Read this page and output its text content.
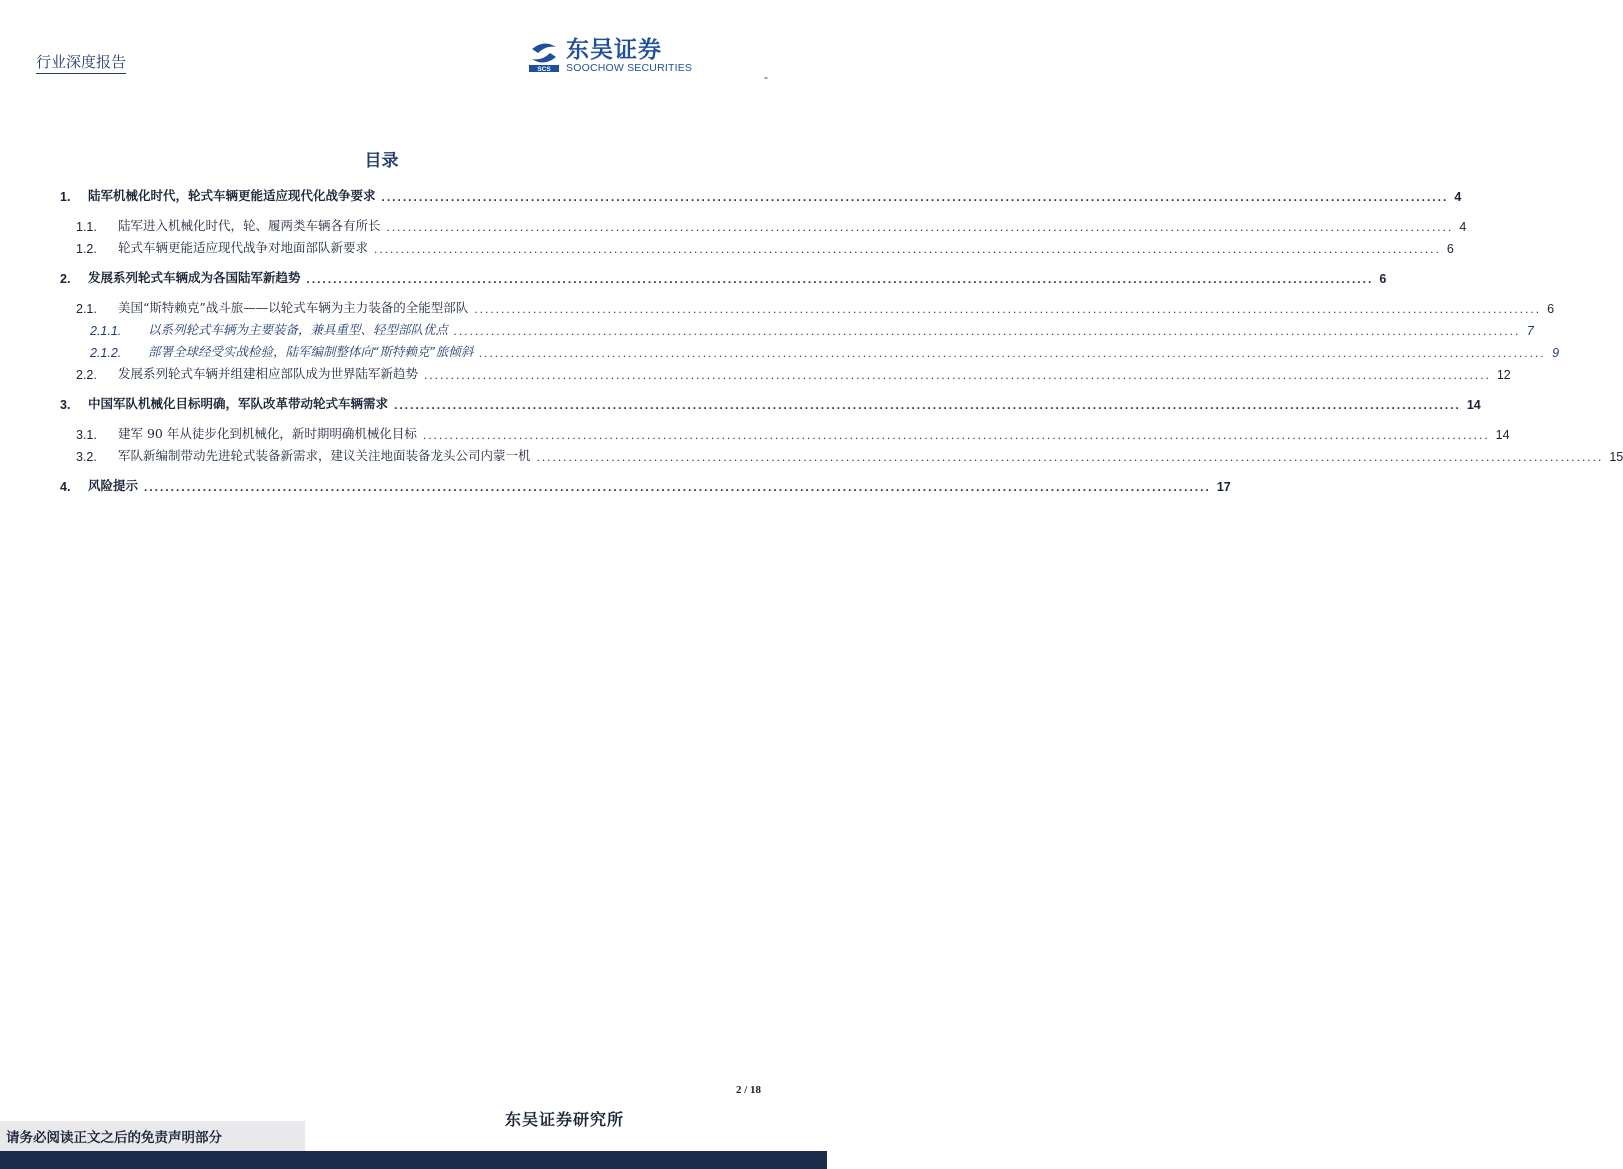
行业深度报告	SCS
东吴证券
SOOCHOW SECURITIES
-
目录
1.	陆军机械化时代，轮式车辆更能适应现代化战争要求 ........................................................................................................................................................................................................ 4
1.1.	陆军进入机械化时代，轮、履两类车辆各有所长 ........................................................................................................................................................................................................ 4
1.2.	轮式车辆更能适应现代战争对地面部队新要求 ........................................................................................................................................................................................................ 6
2.	发展系列轮式车辆成为各国陆军新趋势 ........................................................................................................................................................................................................ 6
2.1.	美国“斯特赖克”战斗旅——以轮式车辆为主力装备的全能型部队 ........................................................................................................................................................................................................ 6
2.1.1.	以系列轮式车辆为主要装备，兼具重型、轻型部队优点 ........................................................................................................................................................................................................ 7
2.1.2.	部署全球经受实战检验，陆军编制整体向“斯特赖克”旅倾斜 ........................................................................................................................................................................................................ 9
2.2.	发展系列轮式车辆并组建相应部队成为世界陆军新趋势 ........................................................................................................................................................................................................ 12
3.	中国军队机械化目标明确，军队改革带动轮式车辆需求 ........................................................................................................................................................................................................ 14
3.1.	建军 90 年从徒步化到机械化，新时期明确机械化目标 ........................................................................................................................................................................................................ 14
3.2.	军队新编制带动先进轮式装备新需求，建议关注地面装备龙头公司内蒙一机 ........................................................................................................................................................................................................ 15
4.	风险提示 ........................................................................................................................................................................................................ 17
2 / 18
东吴证券研究所
请务必阅读正文之后的免责声明部分
